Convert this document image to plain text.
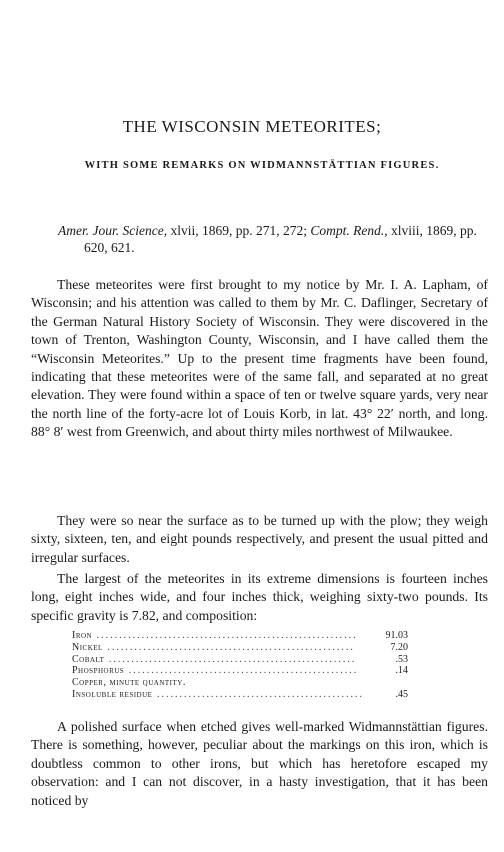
THE WISCONSIN METEORITES;
WITH SOME REMARKS ON WIDMANNSTÄTTIAN FIGURES.

Amer. Jour. Science, xlvii, 1869, pp. 271, 272; Compt. Rend., xlviii, 1869, pp. 620, 621.

These meteorites were first brought to my notice by Mr. I. A. Lapham, of Wisconsin; and his attention was called to them by Mr. C. Daflinger, Secretary of the German Natural History Society of Wisconsin. They were discovered in the town of Trenton, Washington County, Wisconsin, and I have called them the “Wisconsin Meteorites.” Up to the present time fragments have been found, indicating that these meteorites were of the same fall, and separated at no great elevation. They were found within a space of ten or twelve square yards, very near the north line of the forty-acre lot of Louis Korb, in lat. 43° 22′ north, and long. 88° 8′ west from Greenwich, and about thirty miles northwest of Milwaukee.

They were so near the surface as to be turned up with the plow; they weigh sixty, sixteen, ten, and eight pounds respectively, and present the usual pitted and irregular surfaces.

The largest of the meteorites in its extreme dimensions is fourteen inches long, eight inches wide, and four inches thick, weighing sixty-two pounds. Its specific gravity is 7.82, and composition:

Iron ..........................................................	91.03
Nickel .......................................................	7.20
Cobalt .......................................................	.53
Phosphorus ...................................................	.14
Copper, minute quantity.	
Insoluble residue ..............................................	.45

A polished surface when etched gives well-marked Widmannstättian figures. There is something, however, peculiar about the markings on this iron, which is doubtless common to other irons, but which has heretofore escaped my observation: and I can not discover, in a hasty investigation, that it has been noticed by
